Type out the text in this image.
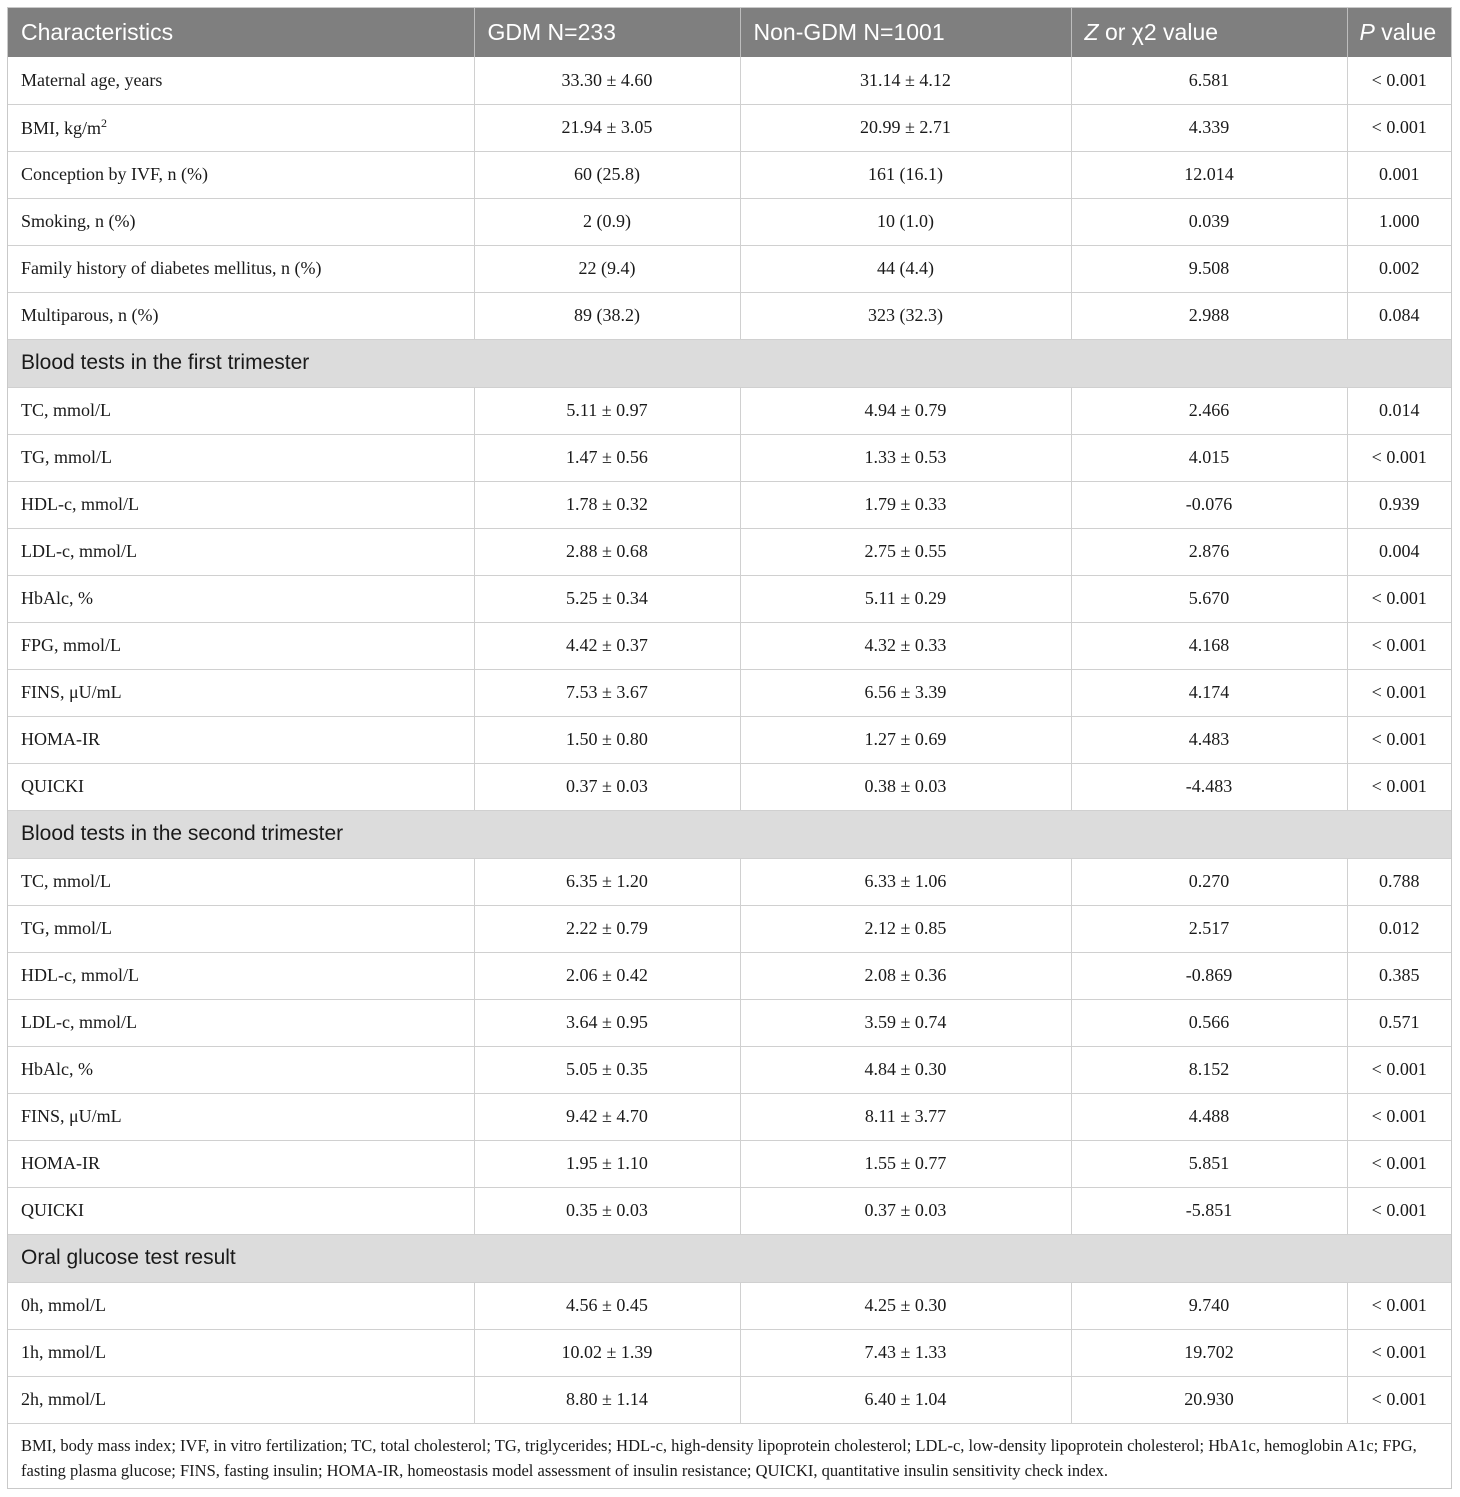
Characteristics	GDM N=233	Non-GDM N=1001	Z or χ2 value	P value
Maternal age, years	33.30 ± 4.60	31.14 ± 4.12	6.581	< 0.001
BMI, $kg/m^2$	21.94 ± 3.05	20.99 ± 2.71	4.339	< 0.001
Conception by IVF, n (%)	60 (25.8)	161 (16.1)	12.014	0.001
Smoking, n (%)	2 (0.9)	10 (1.0)	0.039	1.000
Family history of diabetes mellitus, n (%)	22 (9.4)	44 (4.4)	9.508	0.002
Multiparous, n (%)	89 (38.2)	323 (32.3)	2.988	0.084
Blood tests in the first trimester				
TC, mmol/L	5.11 ± 0.97	4.94 ± 0.79	2.466	0.014
TG, mmol/L	1.47 ± 0.56	1.33 ± 0.53	4.015	< 0.001
HDL-c, mmol/L	1.78 ± 0.32	1.79 ± 0.33	-0.076	0.939
LDL-c, mmol/L	2.88 ± 0.68	2.75 ± 0.55	2.876	0.004
HbAlc, %	5.25 ± 0.34	5.11 ± 0.29	5.670	< 0.001
FPG, mmol/L	4.42 ± 0.37	4.32 ± 0.33	4.168	< 0.001
FINS, μU/mL	7.53 ± 3.67	6.56 ± 3.39	4.174	< 0.001
HOMA-IR	1.50 ± 0.80	1.27 ± 0.69	4.483	< 0.001
QUICKI	0.37 ± 0.03	0.38 ± 0.03	-4.483	< 0.001
Blood tests in the second trimester				
TC, mmol/L	6.35 ± 1.20	6.33 ± 1.06	0.270	0.788
TG, mmol/L	2.22 ± 0.79	2.12 ± 0.85	2.517	0.012
HDL-c, mmol/L	2.06 ± 0.42	2.08 ± 0.36	-0.869	0.385
LDL-c, mmol/L	3.64 ± 0.95	3.59 ± 0.74	0.566	0.571
HbAlc, %	5.05 ± 0.35	4.84 ± 0.30	8.152	< 0.001
FINS, μU/mL	9.42 ± 4.70	8.11 ± 3.77	4.488	< 0.001
HOMA-IR	1.95 ± 1.10	1.55 ± 0.77	5.851	< 0.001
QUICKI	0.35 ± 0.03	0.37 ± 0.03	-5.851	< 0.001
Oral glucose test result				
0h, mmol/L	4.56 ± 0.45	4.25 ± 0.30	9.740	< 0.001
1h, mmol/L	10.02 ± 1.39	7.43 ± 1.33	19.702	< 0.001
2h, mmol/L	8.80 ± 1.14	6.40 ± 1.04	20.930	< 0.001
BMI, body mass index; IVF, in vitro fertilization; TC, total cholesterol; TG, triglycerides; HDL-c, high-density lipoprotein cholesterol; LDL-c, low-density lipoprotein cholesterol; HbA1c, hemoglobin A1c; FPG, fasting plasma glucose; FINS, fasting insulin; HOMA-IR, homeostasis model assessment of insulin resistance; QUICKI, quantitative insulin sensitivity check index.
